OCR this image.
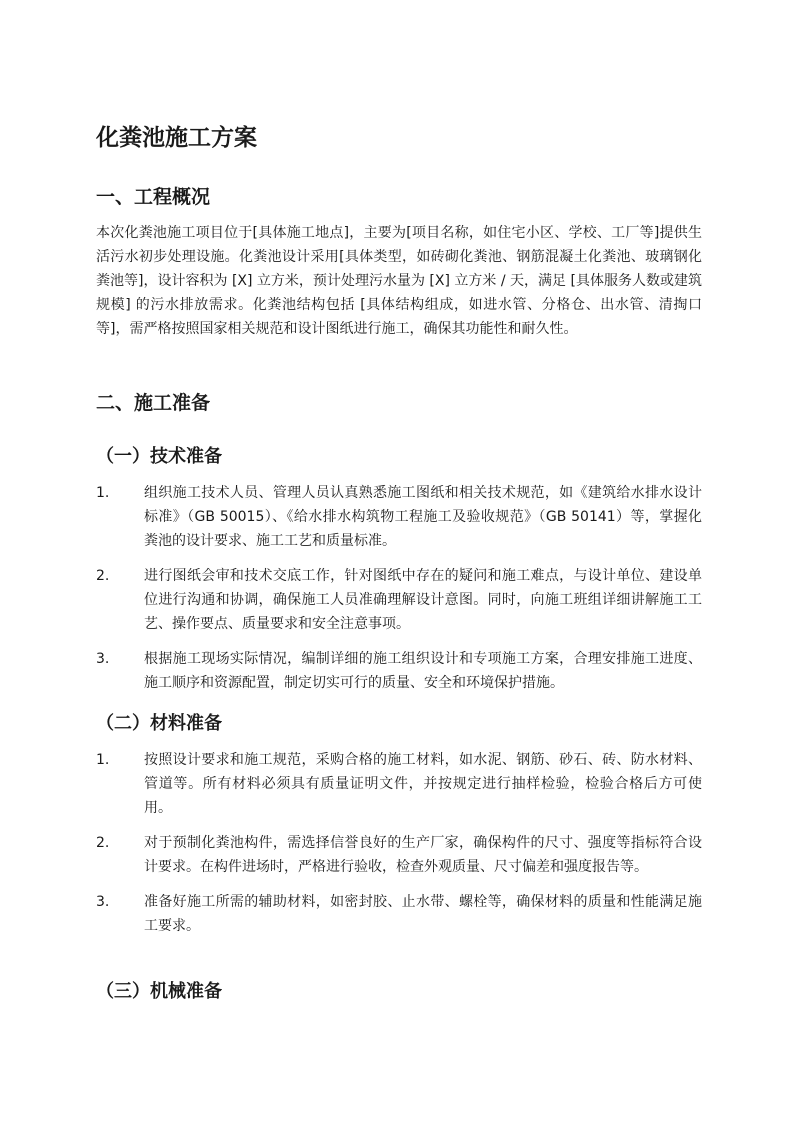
化粪池施工方案
一、工程概况

本次化粪池施工项目位于[具体施工地点]，主要为[项目名称，如住宅小区、学校、工厂等]提供生活污水初步处理设施。化粪池设计采用[具体类型，如砖砌化粪池、钢筋混凝土化粪池、玻璃钢化粪池等]，设计容积为 [X] 立方米，预计处理污水量为 [X] 立方米 / 天，满足 [具体服务人数或建筑规模] 的污水排放需求。化粪池结构包括 [具体结构组成，如进水管、分格仓、出水管、清掏口等]，需严格按照国家相关规范和设计图纸进行施工，确保其功能性和耐久性。

二、施工准备
（一）技术准备
1.	组织施工技术人员、管理人员认真熟悉施工图纸和相关技术规范，如《建筑给水排水设计标准》（GB 50015）、《给水排水构筑物工程施工及验收规范》（GB 50141）等，掌握化粪池的设计要求、施工工艺和质量标准。
2.	进行图纸会审和技术交底工作，针对图纸中存在的疑问和施工难点，与设计单位、建设单位进行沟通和协调，确保施工人员准确理解设计意图。同时，向施工班组详细讲解施工工艺、操作要点、质量要求和安全注意事项。
3.	根据施工现场实际情况，编制详细的施工组织设计和专项施工方案，合理安排施工进度、施工顺序和资源配置，制定切实可行的质量、安全和环境保护措施。
（二）材料准备
1.	按照设计要求和施工规范，采购合格的施工材料，如水泥、钢筋、砂石、砖、防水材料、管道等。所有材料必须具有质量证明文件，并按规定进行抽样检验，检验合格后方可使用。
2.	对于预制化粪池构件，需选择信誉良好的生产厂家，确保构件的尺寸、强度等指标符合设计要求。在构件进场时，严格进行验收，检查外观质量、尺寸偏差和强度报告等。
3.	准备好施工所需的辅助材料，如密封胶、止水带、螺栓等，确保材料的质量和性能满足施工要求。
（三）机械准备
